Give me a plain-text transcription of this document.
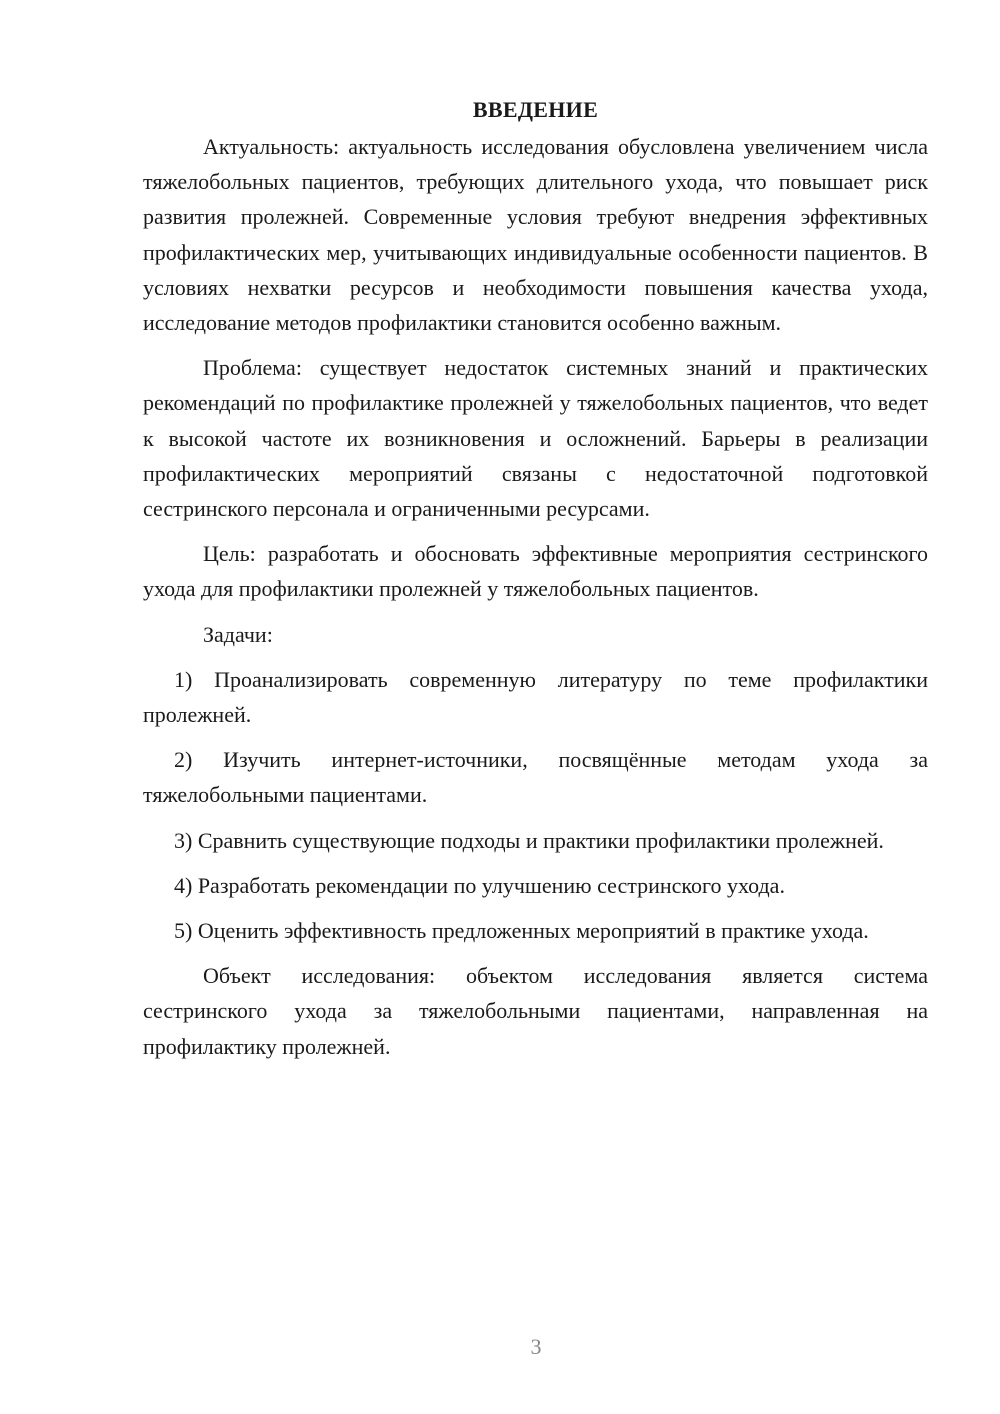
ВВЕДЕНИЕ

Актуальность: актуальность исследования обусловлена увеличением числа тяжелобольных пациентов, требующих длительного ухода, что повышает риск развития пролежней. Современные условия требуют внедрения эффективных профилактических мер, учитывающих индивидуальные особенности пациентов. В условиях нехватки ресурсов и необходимости повышения качества ухода, исследование методов профилактики становится особенно важным.

Проблема: существует недостаток системных знаний и практических рекомендаций по профилактике пролежней у тяжелобольных пациентов, что ведет к высокой частоте их возникновения и осложнений. Барьеры в реализации профилактических мероприятий связаны с недостаточной подготовкой сестринского персонала и ограниченными ресурсами.

Цель: разработать и обосновать эффективные мероприятия сестринского ухода для профилактики пролежней у тяжелобольных пациентов.

Задачи:

1) Проанализировать современную литературу по теме профилактики пролежней.

2) Изучить интернет-источники, посвящённые методам ухода за тяжелобольными пациентами.

3) Сравнить существующие подходы и практики профилактики пролежней.

4) Разработать рекомендации по улучшению сестринского ухода.

5) Оценить эффективность предложенных мероприятий в практике ухода.

Объект исследования: объектом исследования является система сестринского ухода за тяжелобольными пациентами, направленная на профилактику пролежней.

3
